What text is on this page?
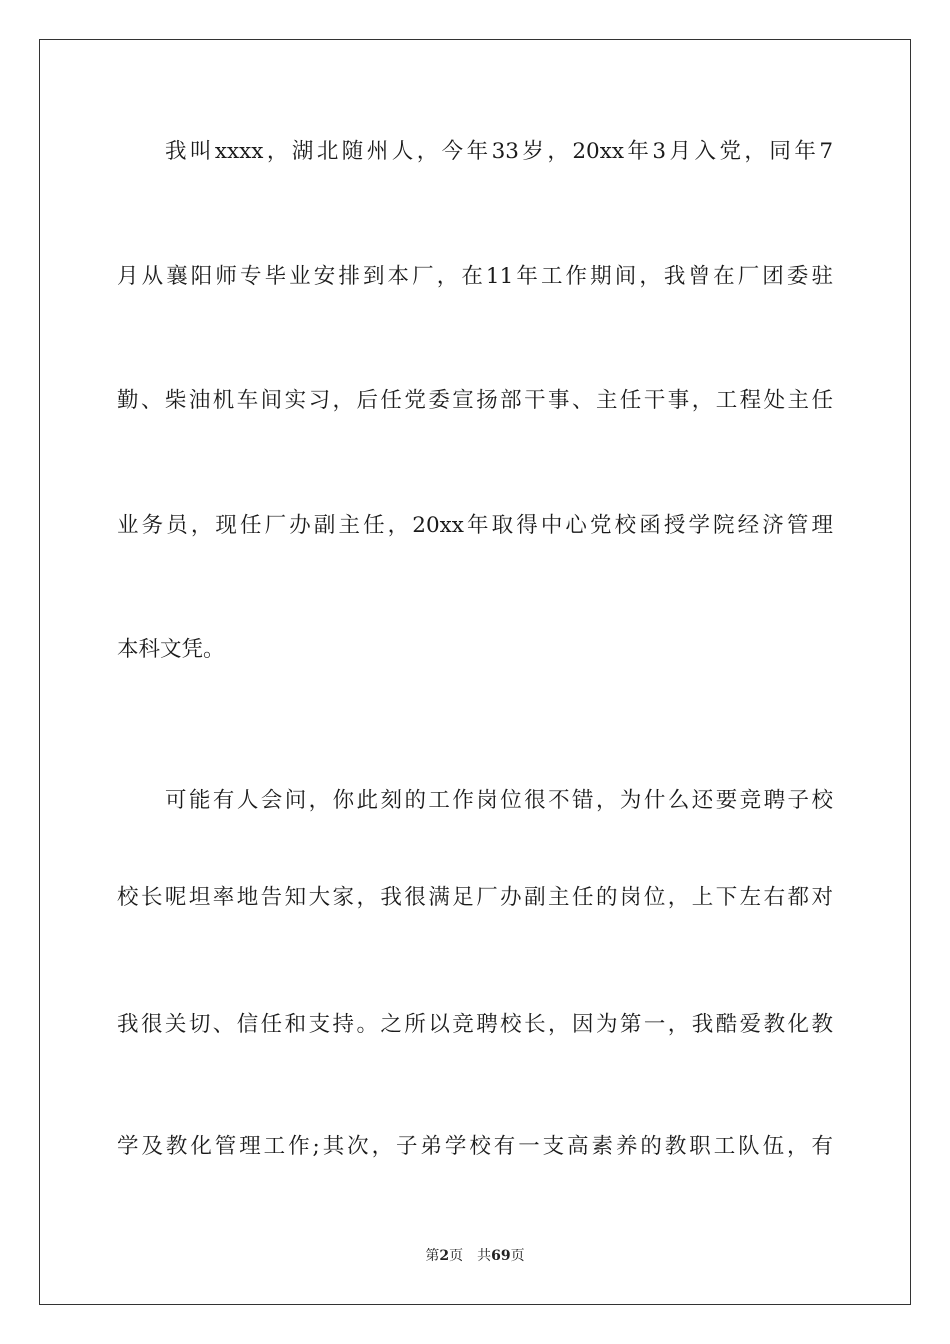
我叫xxxx，湖北随州人，今年33岁，20xx年3月入党，同年7
月从襄阳师专毕业安排到本厂，在11年工作期间，我曾在厂团委驻
勤、柴油机车间实习，后任党委宣扬部干事、主任干事，工程处主任
业务员，现任厂办副主任，20xx年取得中心党校函授学院经济管理
本科文凭。
可能有人会问，你此刻的工作岗位很不错，为什么还要竞聘子校
校长呢坦率地告知大家，我很满足厂办副主任的岗位，上下左右都对
我很关切、信任和支持。之所以竞聘校长，因为第一，我酷爱教化教
学及教化管理工作;其次，子弟学校有一支高素养的教职工队伍，有
第2页 共69页
